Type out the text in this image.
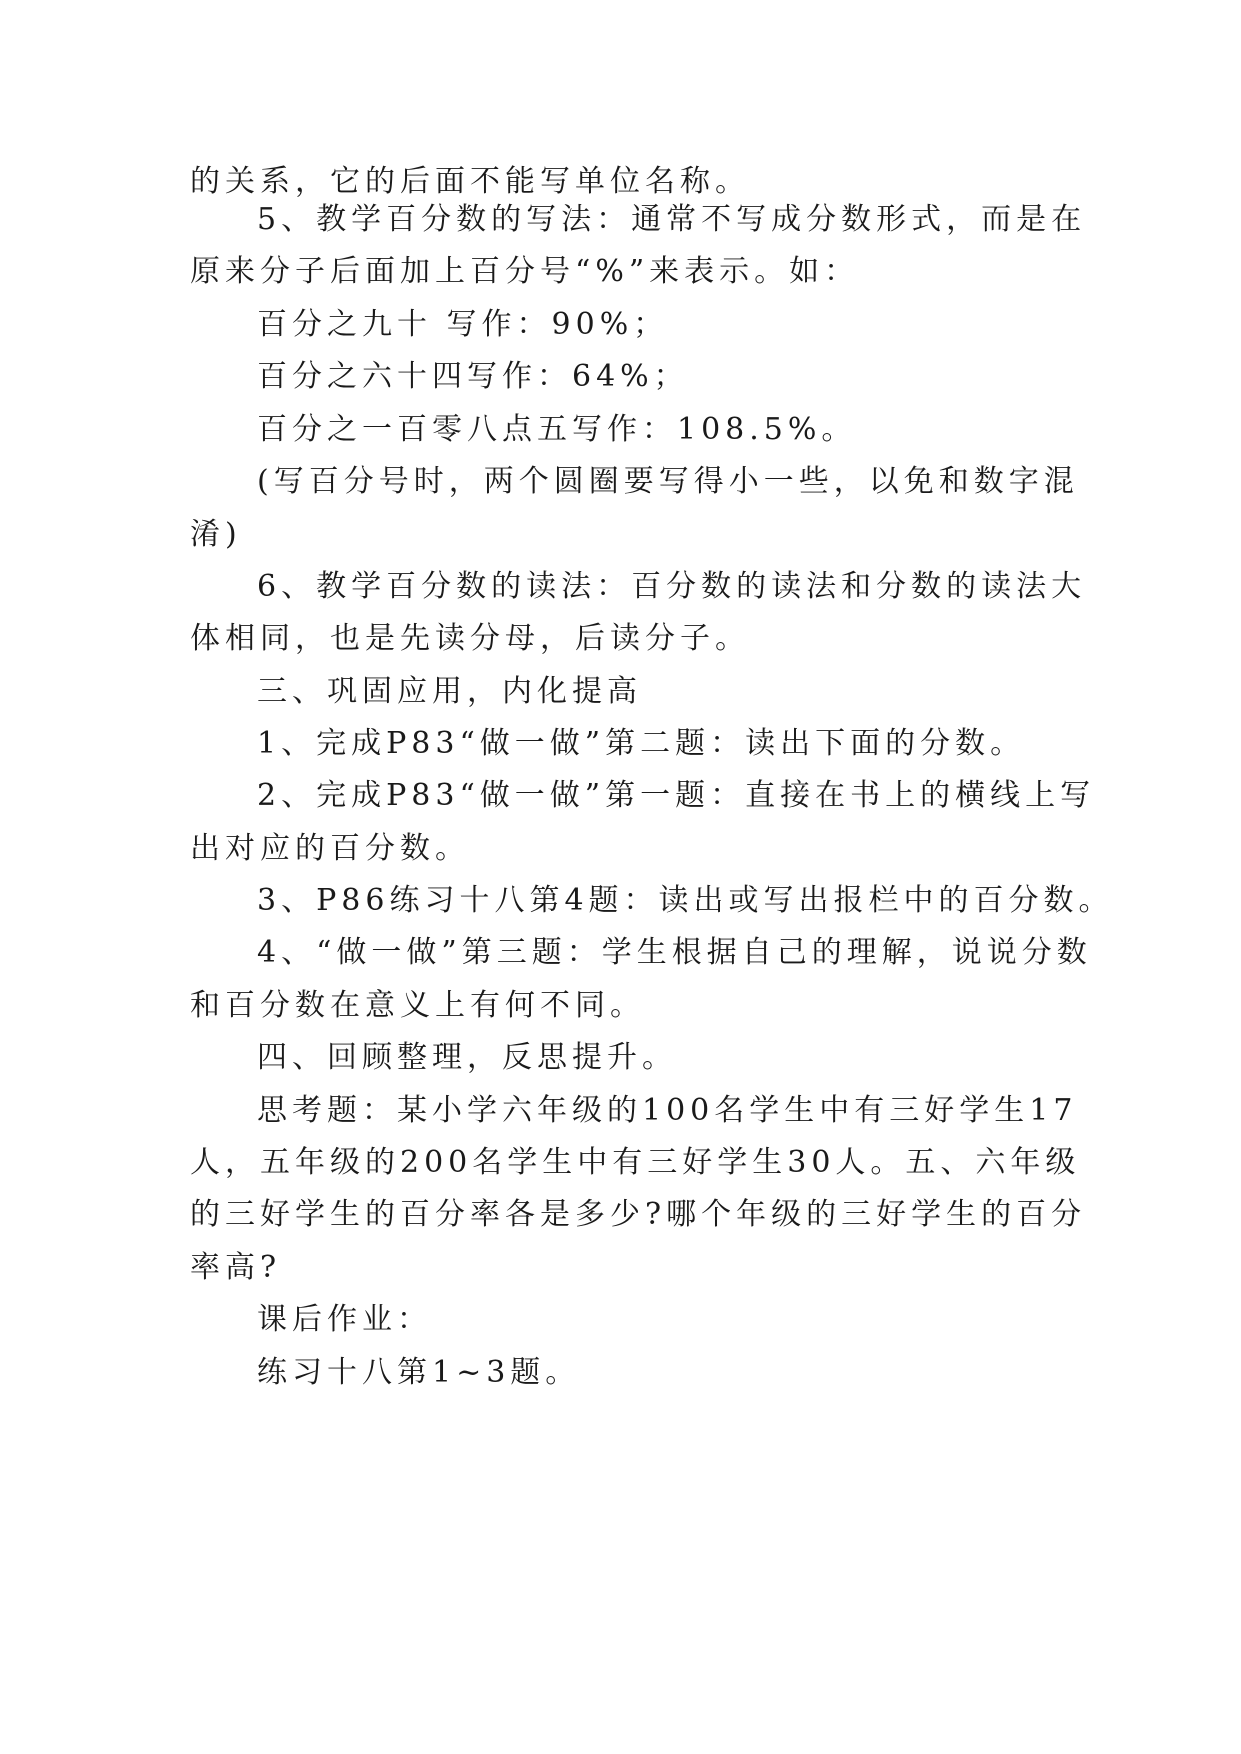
的关系，它的后面不能写单位名称。
5、教学百分数的写法：通常不写成分数形式，而是在
原来分子后面加上百分号“%”来表示。如：
百分之九十 写作：90%；
百分之六十四写作：64%；
百分之一百零八点五写作：108.5%。
(写百分号时，两个圆圈要写得小一些，以免和数字混
淆)
6、教学百分数的读法：百分数的读法和分数的读法大
体相同，也是先读分母，后读分子。
三、巩固应用，内化提高
1、完成P83“做一做”第二题：读出下面的分数。
2、完成P83“做一做”第一题：直接在书上的横线上写
出对应的百分数。
3、P86练习十八第4题：读出或写出报栏中的百分数。
4、“做一做”第三题：学生根据自己的理解，说说分数
和百分数在意义上有何不同。
四、回顾整理，反思提升。
思考题：某小学六年级的100名学生中有三好学生17
人，五年级的200名学生中有三好学生30人。五、六年级
的三好学生的百分率各是多少?哪个年级的三好学生的百分
率高?
课后作业：
练习十八第1~3题。
